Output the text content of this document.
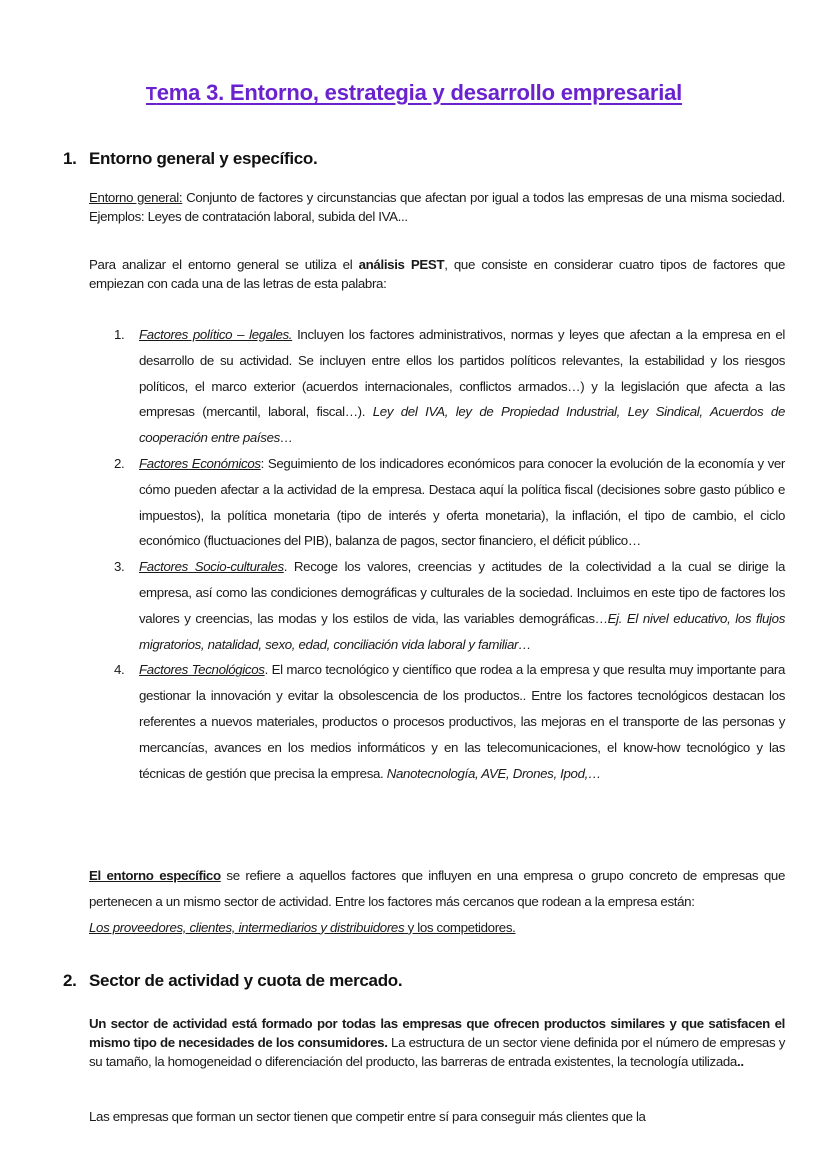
Tema 3. Entorno, estrategia y desarrollo empresarial
1. Entorno general y específico.
Entorno general: Conjunto de factores y circunstancias que afectan por igual a todos las empresas de una misma sociedad. Ejemplos: Leyes de contratación laboral, subida del IVA...
Para analizar el entorno general se utiliza el análisis PEST, que consiste en considerar cuatro tipos de factores que empiezan con cada una de las letras de esta palabra:
1. Factores político – legales. Incluyen los factores administrativos, normas y leyes que afectan a la empresa en el desarrollo de su actividad. Se incluyen entre ellos los partidos políticos relevantes, la estabilidad y los riesgos políticos, el marco exterior (acuerdos internacionales, conflictos armados…) y la legislación que afecta a las empresas (mercantil, laboral, fiscal…). Ley del IVA, ley de Propiedad Industrial, Ley Sindical, Acuerdos de cooperación entre países…
2. Factores Económicos: Seguimiento de los indicadores económicos para conocer la evolución de la economía y ver cómo pueden afectar a la actividad de la empresa. Destaca aquí la política fiscal (decisiones sobre gasto público e impuestos), la política monetaria (tipo de interés y oferta monetaria), la inflación, el tipo de cambio, el ciclo económico (fluctuaciones del PIB), balanza de pagos, sector financiero, el déficit público…
3. Factores Socio-culturales. Recoge los valores, creencias y actitudes de la colectividad a la cual se dirige la empresa, así como las condiciones demográficas y culturales de la sociedad. Incluimos en este tipo de factores los valores y creencias, las modas y los estilos de vida, las variables demográficas…Ej. El nivel educativo, los flujos migratorios, natalidad, sexo, edad, conciliación vida laboral y familiar…
4. Factores Tecnológicos. El marco tecnológico y científico que rodea a la empresa y que resulta muy importante para gestionar la innovación y evitar la obsolescencia de los productos.. Entre los factores tecnológicos destacan los referentes a nuevos materiales, productos o procesos productivos, las mejoras en el transporte de las personas y mercancías, avances en los medios informáticos y en las telecomunicaciones, el know-how tecnológico y las técnicas de gestión que precisa la empresa. Nanotecnología, AVE, Drones, Ipod,…
El entorno específico se refiere a aquellos factores que influyen en una empresa o grupo concreto de empresas que pertenecen a un mismo sector de actividad. Entre los factores más cercanos que rodean a la empresa están:
Los proveedores, clientes, intermediarios y distribuidores y los competidores.
2. Sector de actividad y cuota de mercado.
Un sector de actividad está formado por todas las empresas que ofrecen productos similares y que satisfacen el mismo tipo de necesidades de los consumidores. La estructura de un sector viene definida por el número de empresas y su tamaño, la homogeneidad o diferenciación del producto, las barreras de entrada existentes, la tecnología utilizada..
Las empresas que forman un sector tienen que competir entre sí para conseguir más clientes que la
